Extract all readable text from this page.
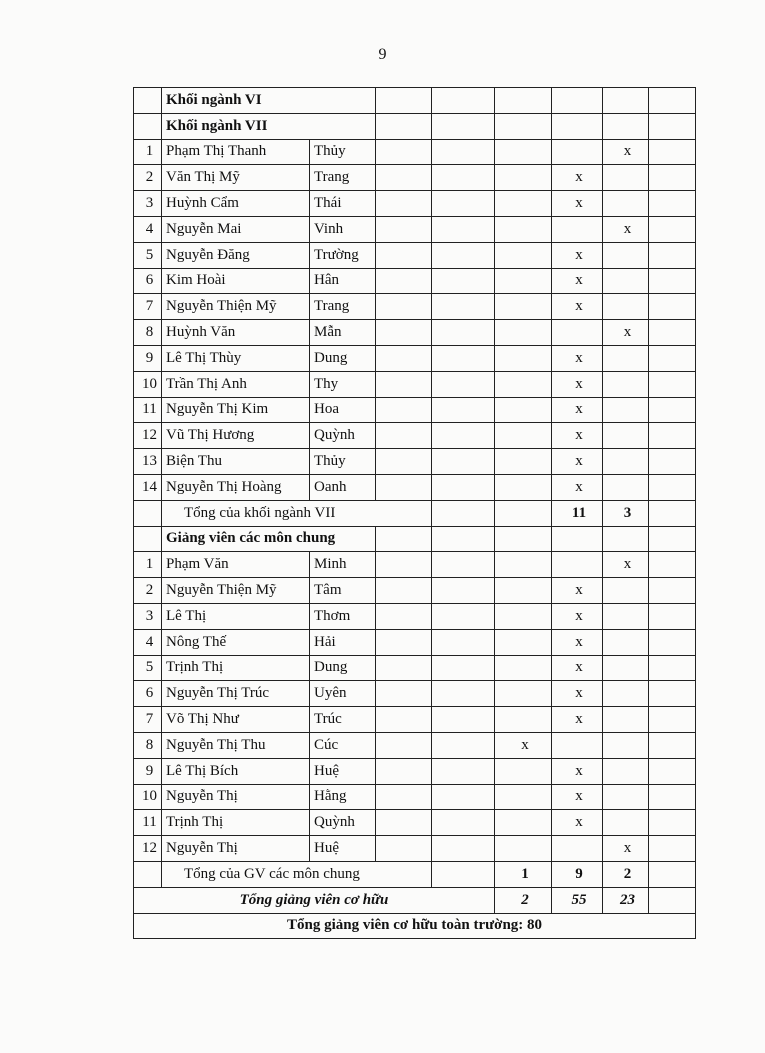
9
	Khối ngành VI							
	Khối ngành VII							
1	Phạm Thị Thanh	Thủy					x	
2	Văn Thị Mỹ	Trang				x		
3	Huỳnh Cẩm	Thái				x		
4	Nguyễn Mai	Vinh					x	
5	Nguyễn Đăng	Trường				x		
6	Kim Hoài	Hân				x		
7	Nguyễn Thiện Mỹ	Trang				x		
8	Huỳnh Văn	Mẫn					x	
9	Lê Thị Thùy	Dung				x		
10	Trần Thị Anh	Thy				x		
11	Nguyễn Thị Kim	Hoa				x		
12	Vũ Thị Hương	Quỳnh				x		
13	Biện Thu	Thủy				x		
14	Nguyễn Thị Hoàng	Oanh				x		
	Tổng của khối ngành VII					11	3	
	Giảng viên các môn chung							
1	Phạm Văn	Minh					x	
2	Nguyễn Thiện Mỹ	Tâm				x		
3	Lê Thị	Thơm				x		
4	Nông Thế	Hải				x		
5	Trịnh Thị	Dung				x		
6	Nguyễn Thị Trúc	Uyên				x		
7	Võ Thị Như	Trúc				x		
8	Nguyễn Thị Thu	Cúc			x			
9	Lê Thị Bích	Huệ				x		
10	Nguyễn Thị	Hằng				x		
11	Trịnh Thị	Quỳnh				x		
12	Nguyễn Thị	Huệ					x	
	Tổng của GV các môn chung				1	9	2	
Tổng giảng viên cơ hữu					2	55	23	
Tổng giảng viên cơ hữu toàn trường: 80								
